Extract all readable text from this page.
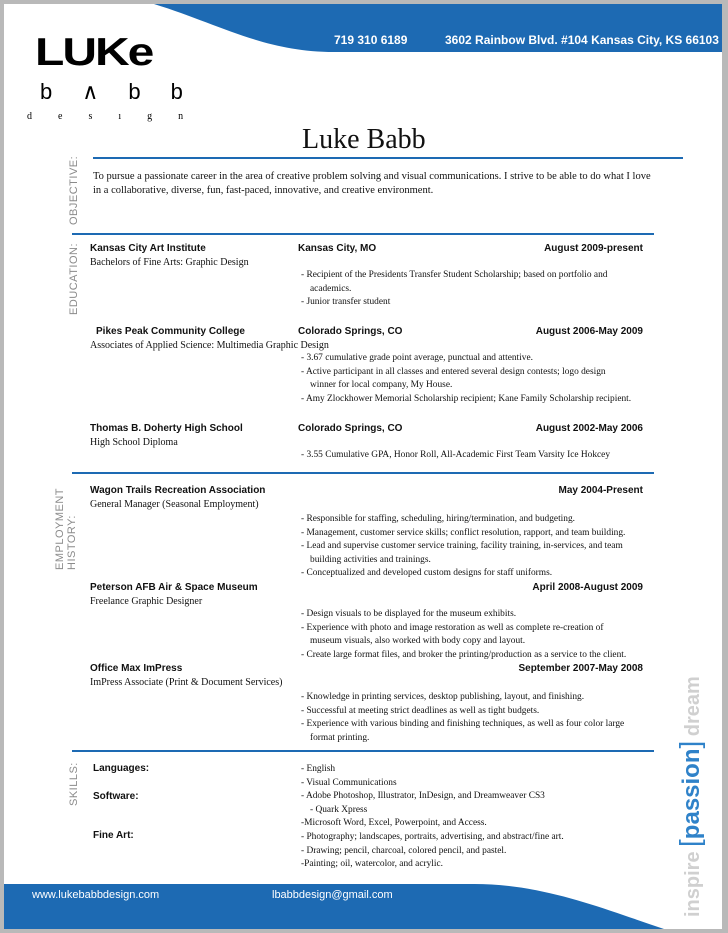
719 310 6189	3602 Rainbow Blvd. #104 Kansas City, KS 66103
LUKe
b∧bb
desıgn
Luke Babb
OBJECTIVE:
EDUCATION:
EMPLOYMENT HISTORY:
SKILLS:
To pursue a passionate career in the area of creative problem solving and visual communications. I strive to be able to do what I love in a collaborative, diverse, fun, fast-paced, innovative, and creative environment.
Kansas City Art Institute	Kansas City, MO	August 2009-present
Bachelors of Fine Arts: Graphic Design
- Recipient of the Presidents Transfer Student Scholarship; based on portfolio and
academics.
- Junior transfer student
Pikes Peak Community College	Colorado Springs, CO	August 2006-May 2009
Associates of Applied Science: Multimedia Graphic Design
- 3.67 cumulative grade point average, punctual and attentive.
- Active participant in all classes and entered several design contests; logo design
winner for local company, My House.
- Amy Zlockhower Memorial Scholarship recipient; Kane Family Scholarship recipient.
Thomas B. Doherty High School	Colorado Springs, CO	August 2002-May 2006
High School Diploma
- 3.55 Cumulative GPA, Honor Roll, All-Academic First Team Varsity Ice Hokcey
Wagon Trails Recreation Association	May 2004-Present
General Manager (Seasonal Employment)
- Responsible for staffing, scheduling, hiring/termination, and budgeting.
- Management, customer service skills; conflict resolution, rapport, and team building.
- Lead and supervise customer service training, facility training, in-services, and team
building activities and trainings.
- Conceptualized and developed custom designs for staff uniforms.
Peterson AFB Air & Space Museum	April 2008-August 2009
Freelance Graphic Designer
- Design visuals to be displayed for the museum exhibits.
- Experience with photo and image restoration as well as complete re-creation of
museum visuals, also worked with body copy and layout.
- Create large format files, and broker the printing/production as a service to the client.
Office Max ImPress	September 2007-May 2008
ImPress Associate (Print & Document Services)
- Knowledge in printing services, desktop publishing, layout, and finishing.
- Successful at meeting strict deadlines as well as tight budgets.
- Experience with various binding and finishing techniques, as well as four color large
format printing.
Languages:	- English
- Visual Communications
Software:	- Adobe Photoshop, Illustrator, InDesign, and Dreamweaver CS3
- Quark Xpress
-Microsoft Word, Excel, Powerpoint, and Access.
Fine Art:	- Photography; landscapes, portraits, advertising, and abstract/fine art.
- Drawing; pencil, charcoal, colored pencil, and pastel.
-Painting; oil, watercolor, and acrylic.	inspire [passion] dream
www.lukebabbdesign.com	lbabbdesign@gmail.com
